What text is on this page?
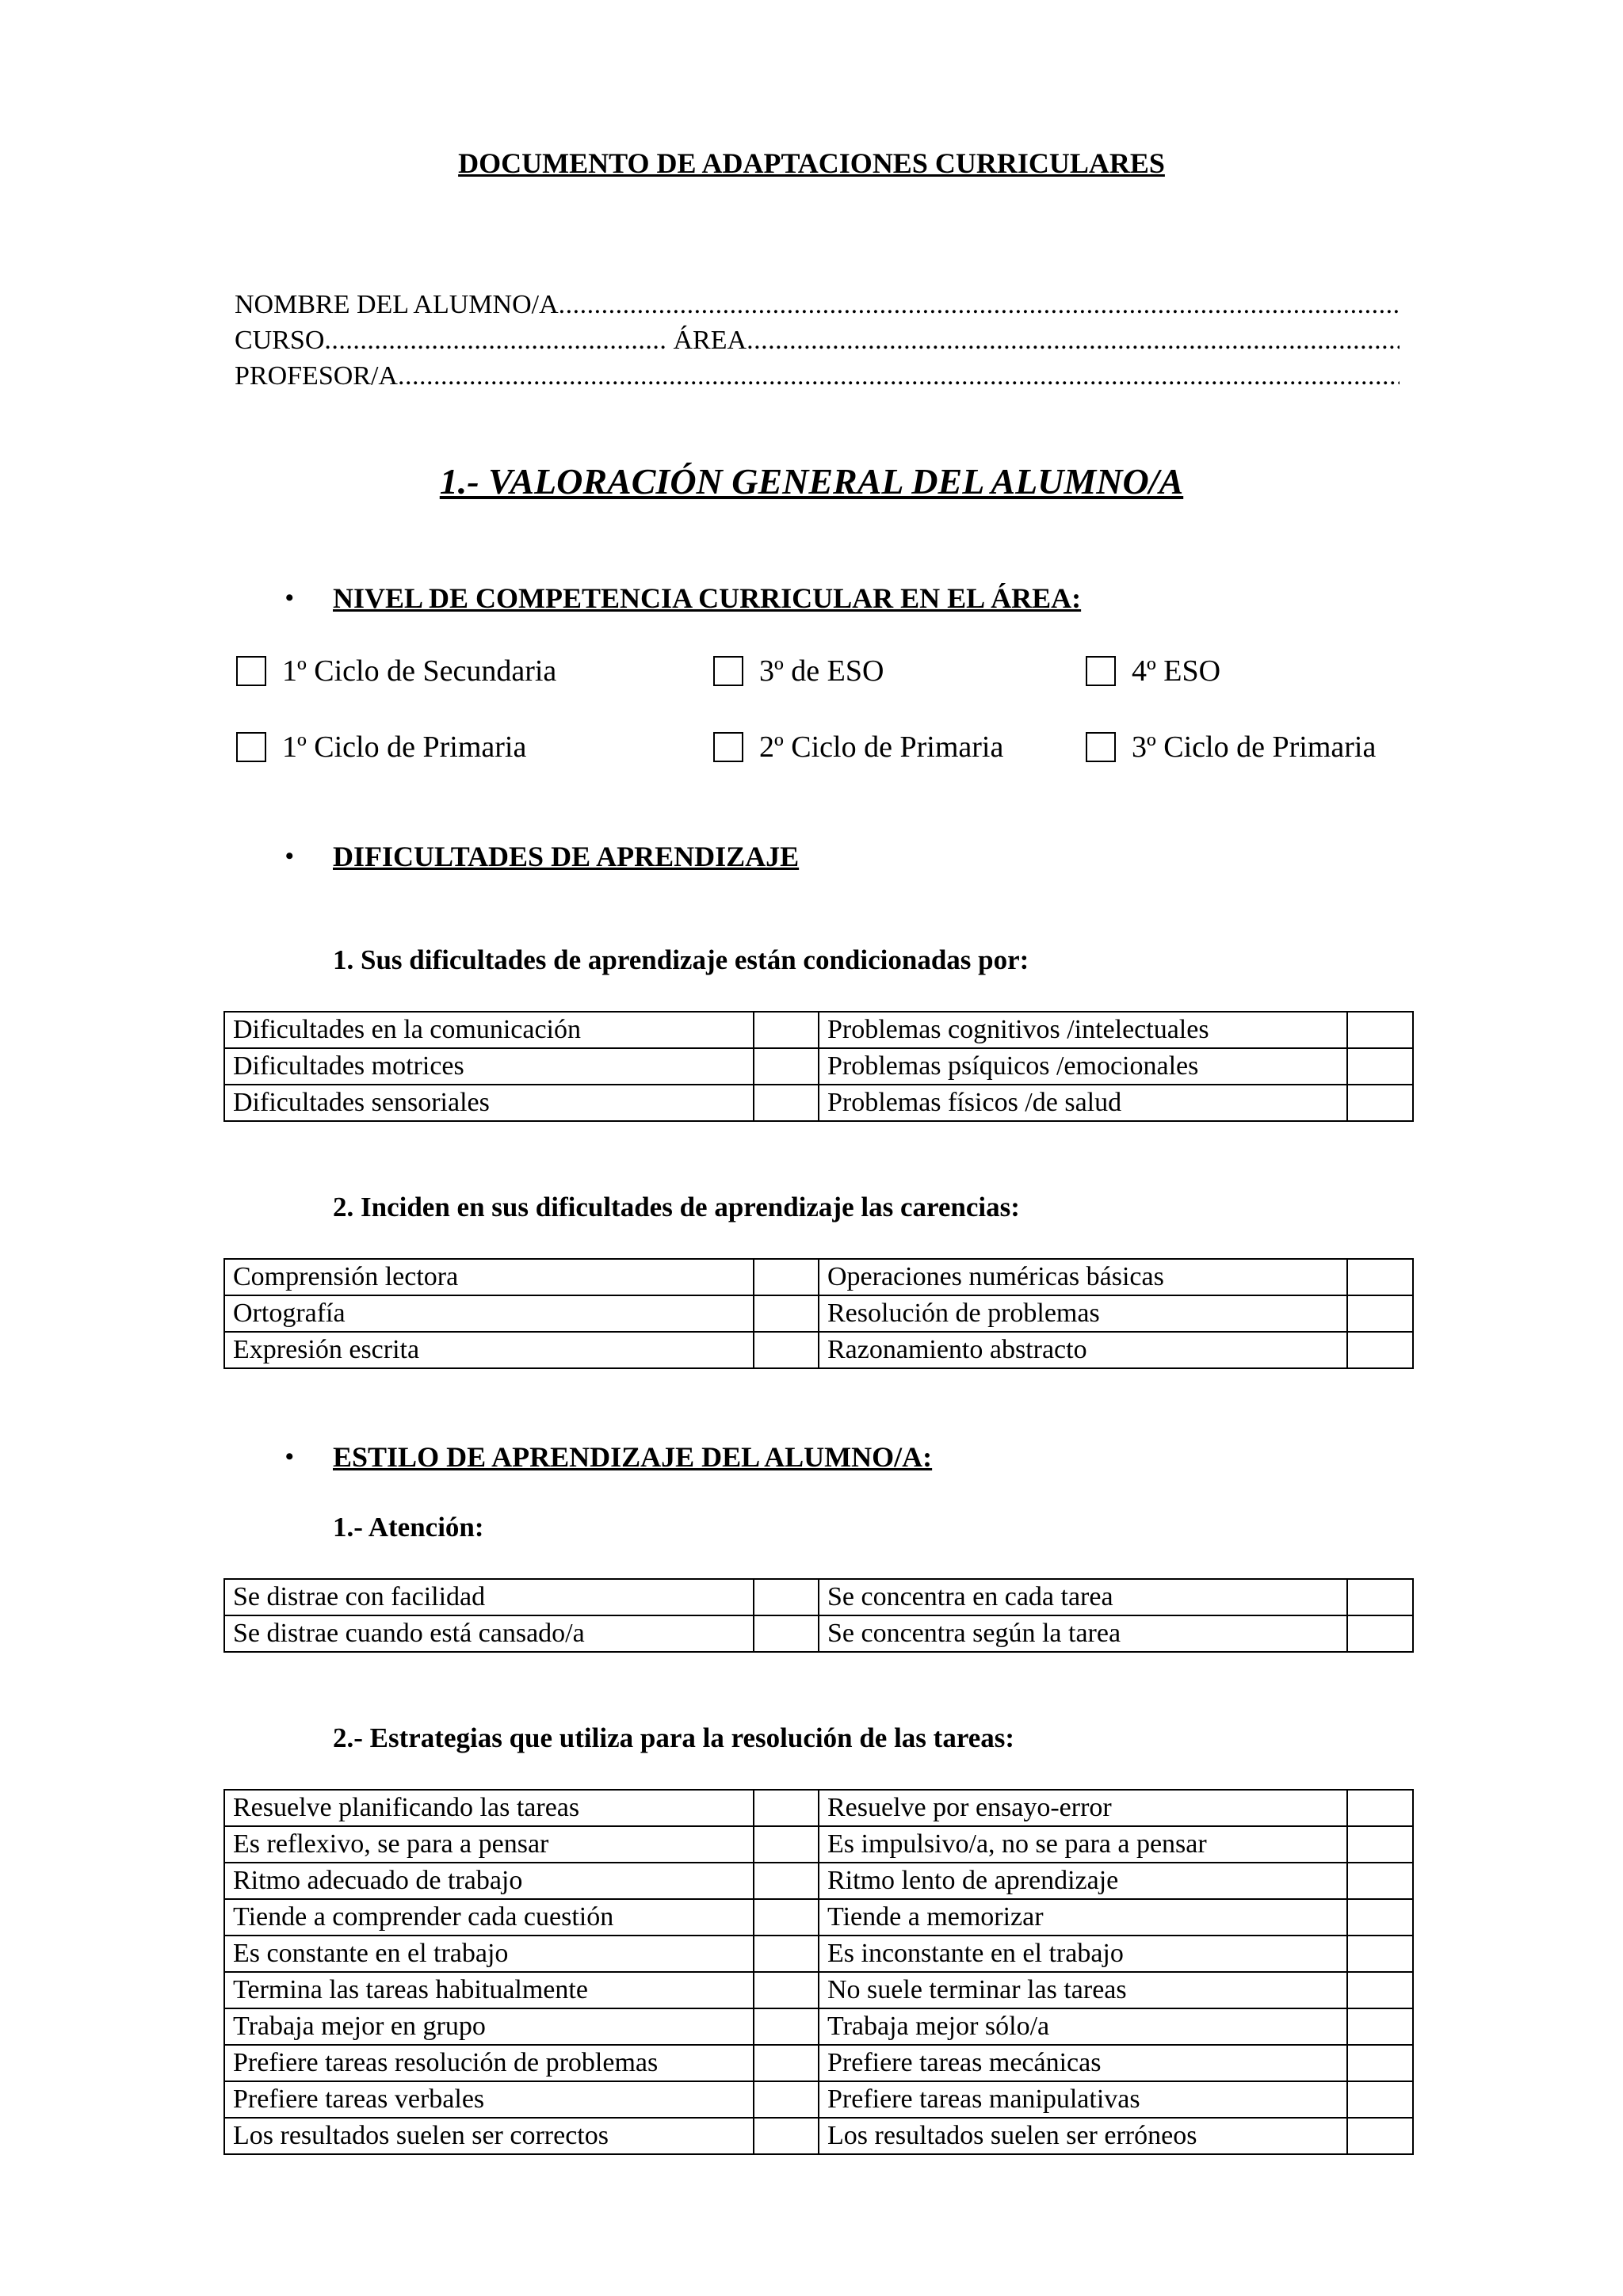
DOCUMENTO DE ADAPTACIONES CURRICULARES
NOMBRE DEL ALUMNO/A
.....
CURSO .....
	ÁREA
.....
PROFESOR/A
.....
1.- VALORACIÓN GENERAL DEL ALUMNO/A
• NIVEL DE COMPETENCIA CURRICULAR EN EL ÁREA:
1º Ciclo de Secundaria	3º de ESO	4º ESO
1º Ciclo de Primaria	2º Ciclo de Primaria	3º Ciclo de Primaria
• DIFICULTADES DE APRENDIZAJE
1. Sus dificultades de aprendizaje están condicionadas por:
Dificultades en la comunicación		Problemas cognitivos /intelectuales	
Dificultades motrices		Problemas psíquicos /emocionales	
Dificultades sensoriales		Problemas físicos /de salud	
2. Inciden en sus dificultades de aprendizaje las carencias:
Comprensión lectora		Operaciones numéricas básicas	
Ortografía		Resolución de problemas	
Expresión escrita		Razonamiento abstracto	
• ESTILO DE APRENDIZAJE DEL ALUMNO/A:
1.- Atención:
Se distrae con facilidad		Se concentra en cada tarea	
Se distrae cuando está cansado/a		Se concentra según la tarea	
2.- Estrategias que utiliza para la resolución de las tareas:
Resuelve planificando las tareas		Resuelve por ensayo-error	
Es reflexivo, se para a pensar		Es impulsivo/a, no se para a pensar	
Ritmo adecuado de trabajo		Ritmo lento de aprendizaje	
Tiende a comprender cada cuestión		Tiende a memorizar	
Es constante en el trabajo		Es inconstante en el trabajo	
Termina las tareas habitualmente		No suele terminar las tareas	
Trabaja mejor en grupo		Trabaja mejor sólo/a	
Prefiere tareas resolución de problemas		Prefiere tareas mecánicas	
Prefiere tareas verbales		Prefiere tareas manipulativas	
Los resultados suelen ser correctos		Los resultados suelen ser erróneos	
